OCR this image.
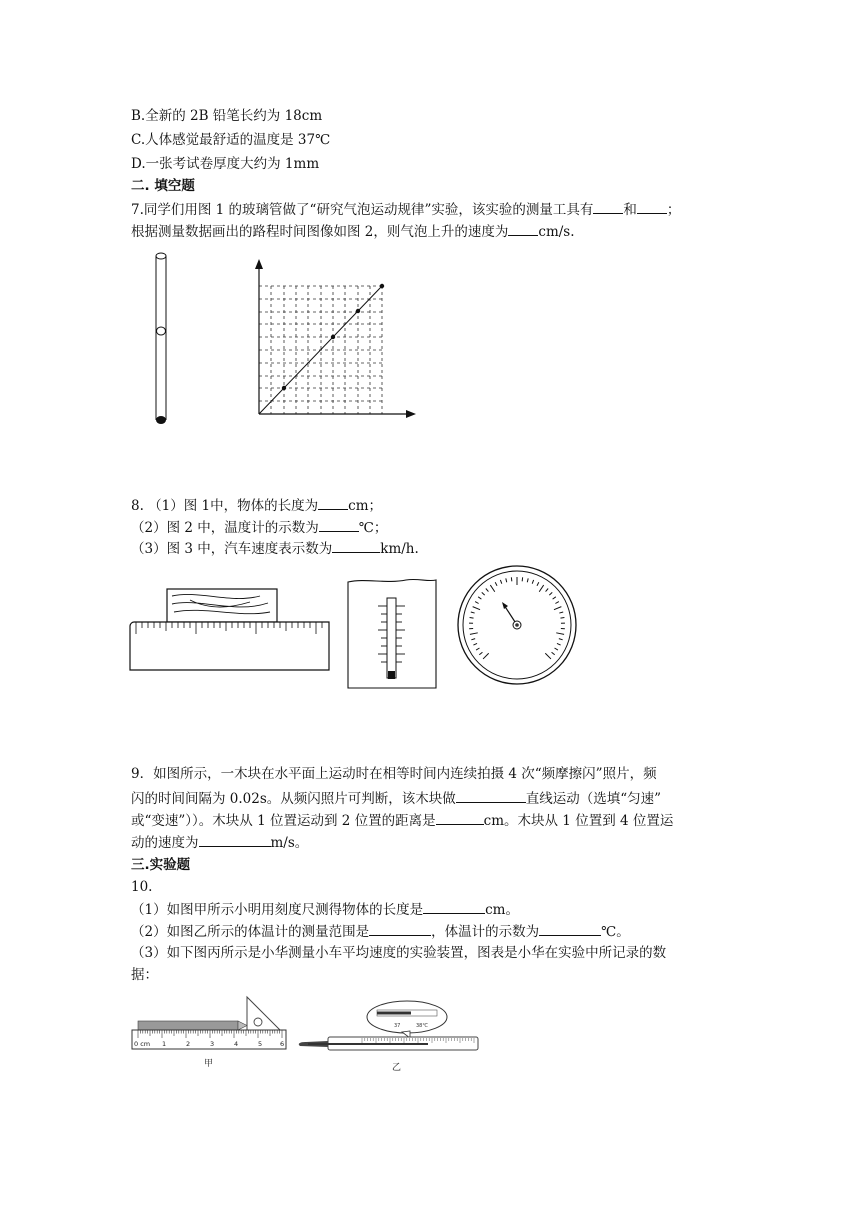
B.全新的 2B 铅笔长约为 18cm
C.人体感觉最舒适的温度是 37℃
D.一张考试卷厚度大约为 1mm
二. 填空题
7.同学们用图 1 的玻璃管做了“研究气泡运动规律”实验，该实验的测量工具有 和 ；
根据测量数据画出的路程时间图像如图 2，则气泡上升的速度为 cm/s.
8. （1）图 1中，物体的长度为 cm；
（2）图 2 中，温度计的示数为	℃；
（3）图 3 中，汽车速度表示数为	km/h.
9．如图所示，一木块在水平面上运动时在相等时间内连续拍摄 4 次“频摩擦闪”照片，频
闪的时间间隔为 0.02s。从频闪照片可判断，该木块做	直线运动（选填“匀速”
或“变速”））。木块从 1 位置运动到 2 位置的距离是	cm。木块从 1 位置到 4 位置运
动的速度为	m/s。
三.实验题
10.
（1）如图甲所示小明用刻度尺测得物体的长度是	cm。
（2）如图乙所示的体温计的测量范围是	，体温计的示数为	℃。
（3）如下图丙所示是小华测量小车平均速度的实验装置，图表是小华在实验中所记录的数
据：
0 cm 1	2	3	4	5	6
甲
37	38℃
乙
